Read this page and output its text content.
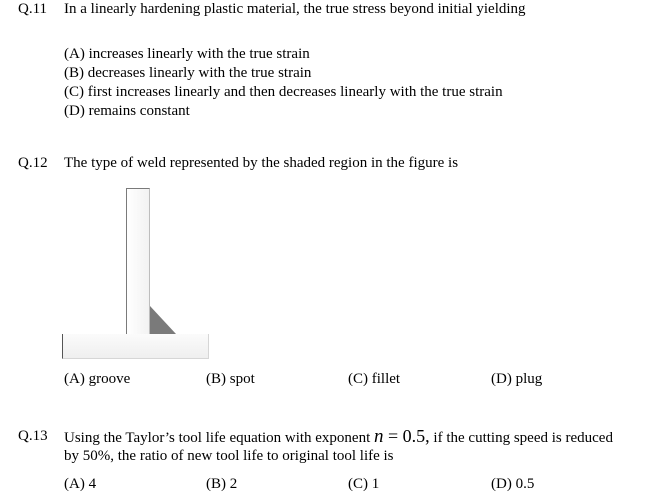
Q.11 In a linearly hardening plastic material, the true stress beyond initial yielding
(A) increases linearly with the true strain
(B) decreases linearly with the true strain
(C) first increases linearly and then decreases linearly with the true strain
(D) remains constant
Q.12 The type of weld represented by the shaded region in the figure is
(A) groove	(B) spot	(C) fillet	(D) plug
Q.13 Using the Taylor’s tool life equation with exponent n = 0.5, if the cutting speed is reduced
by 50%, the ratio of new tool life to original tool life is
(A) 4	(B) 2	(C) 1	(D) 0.5
